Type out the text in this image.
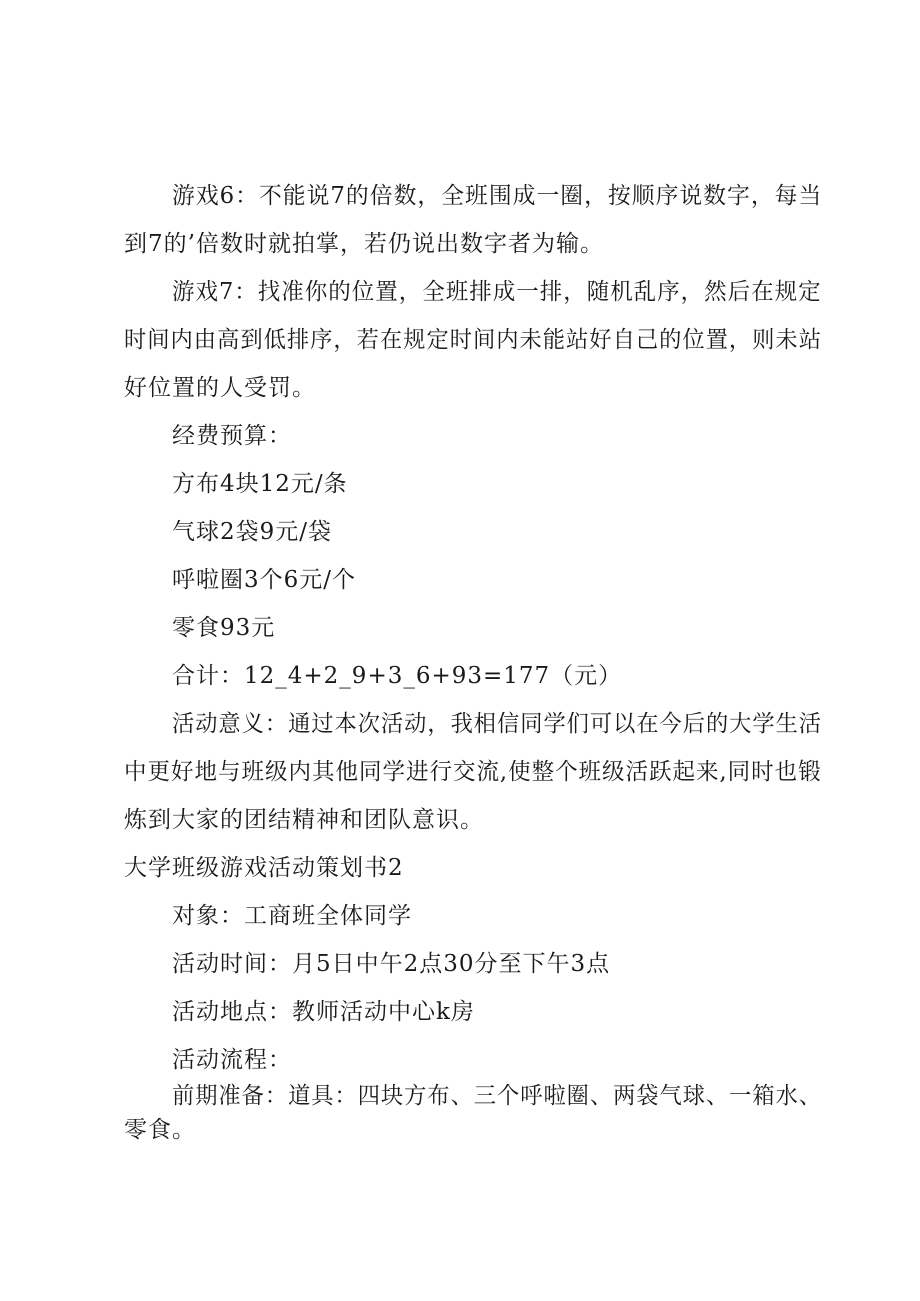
游戏6：不能说7的倍数，全班围成一圈，按顺序说数字，每当
到7的’倍数时就拍掌，若仍说出数字者为输。
游戏7：找准你的位置，全班排成一排，随机乱序，然后在规定
时间内由高到低排序，若在规定时间内未能站好自己的位置，则未站
好位置的人受罚。
经费预算：
方布4块12元/条
气球2袋9元/袋
呼啦圈3个6元/个
零食93元
合计：12_4+2_9+3_6+93=177（元）
活动意义：通过本次活动，我相信同学们可以在今后的大学生活
中更好地与班级内其他同学进行交流,使整个班级活跃起来,同时也锻
炼到大家的团结精神和团队意识。
大学班级游戏活动策划书2
对象：工商班全体同学
活动时间：月5日中午2点30分至下午3点
活动地点：教师活动中心k房
活动流程：
前期准备：道具：四块方布、三个呼啦圈、两袋气球、一箱水、
零食。
